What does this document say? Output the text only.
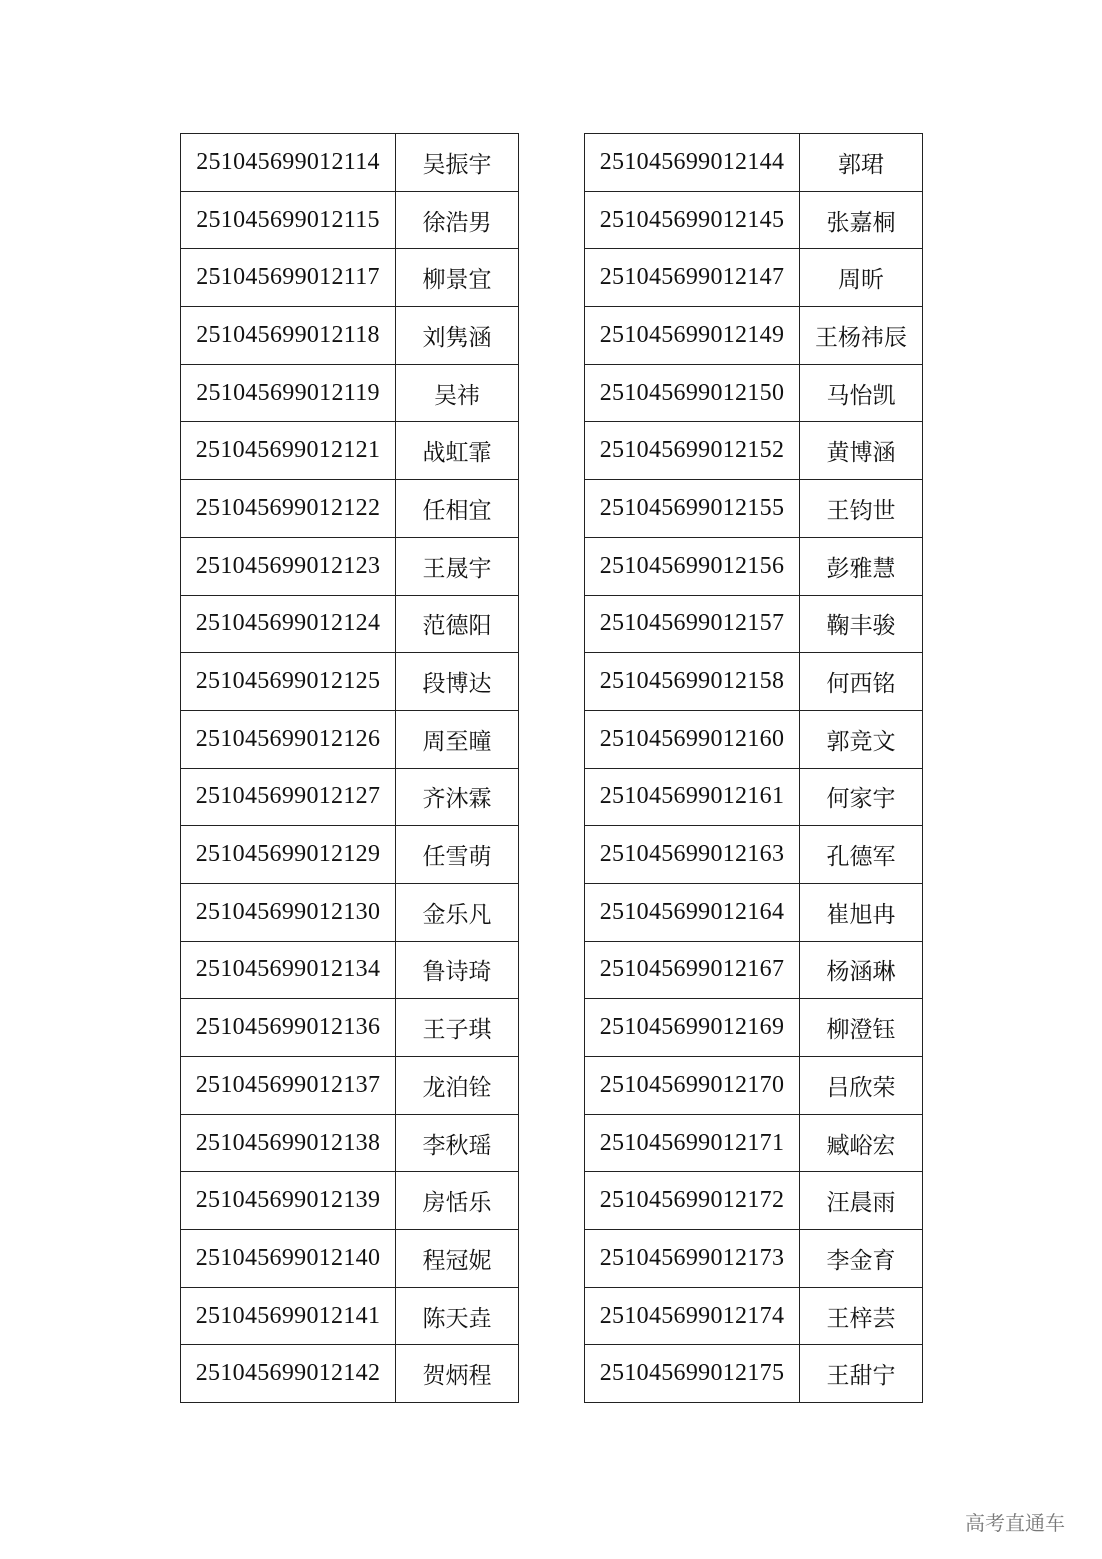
251045699012114	吴振宇
251045699012115	徐浩男
251045699012117	柳景宜
251045699012118	刘隽涵
251045699012119	吴祎
251045699012121	战虹霏
251045699012122	任相宜
251045699012123	王晟宇
251045699012124	范德阳
251045699012125	段博达
251045699012126	周至曈
251045699012127	齐沐霖
251045699012129	任雪萌
251045699012130	金乐凡
251045699012134	鲁诗琦
251045699012136	王子琪
251045699012137	龙泊铨
251045699012138	李秋瑶
251045699012139	房恬乐
251045699012140	程冠妮
251045699012141	陈天垚
251045699012142	贺炳程
251045699012144	郭珺
251045699012145	张嘉桐
251045699012147	周昕
251045699012149	王杨祎辰
251045699012150	马怡凯
251045699012152	黄博涵
251045699012155	王钧世
251045699012156	彭雅慧
251045699012157	鞠丰骏
251045699012158	何西铭
251045699012160	郭竞文
251045699012161	何家宇
251045699012163	孔德军
251045699012164	崔旭冉
251045699012167	杨涵琳
251045699012169	柳澄钰
251045699012170	吕欣荣
251045699012171	臧峪宏
251045699012172	汪晨雨
251045699012173	李金育
251045699012174	王梓芸
251045699012175	王甜宁
高考直通车
